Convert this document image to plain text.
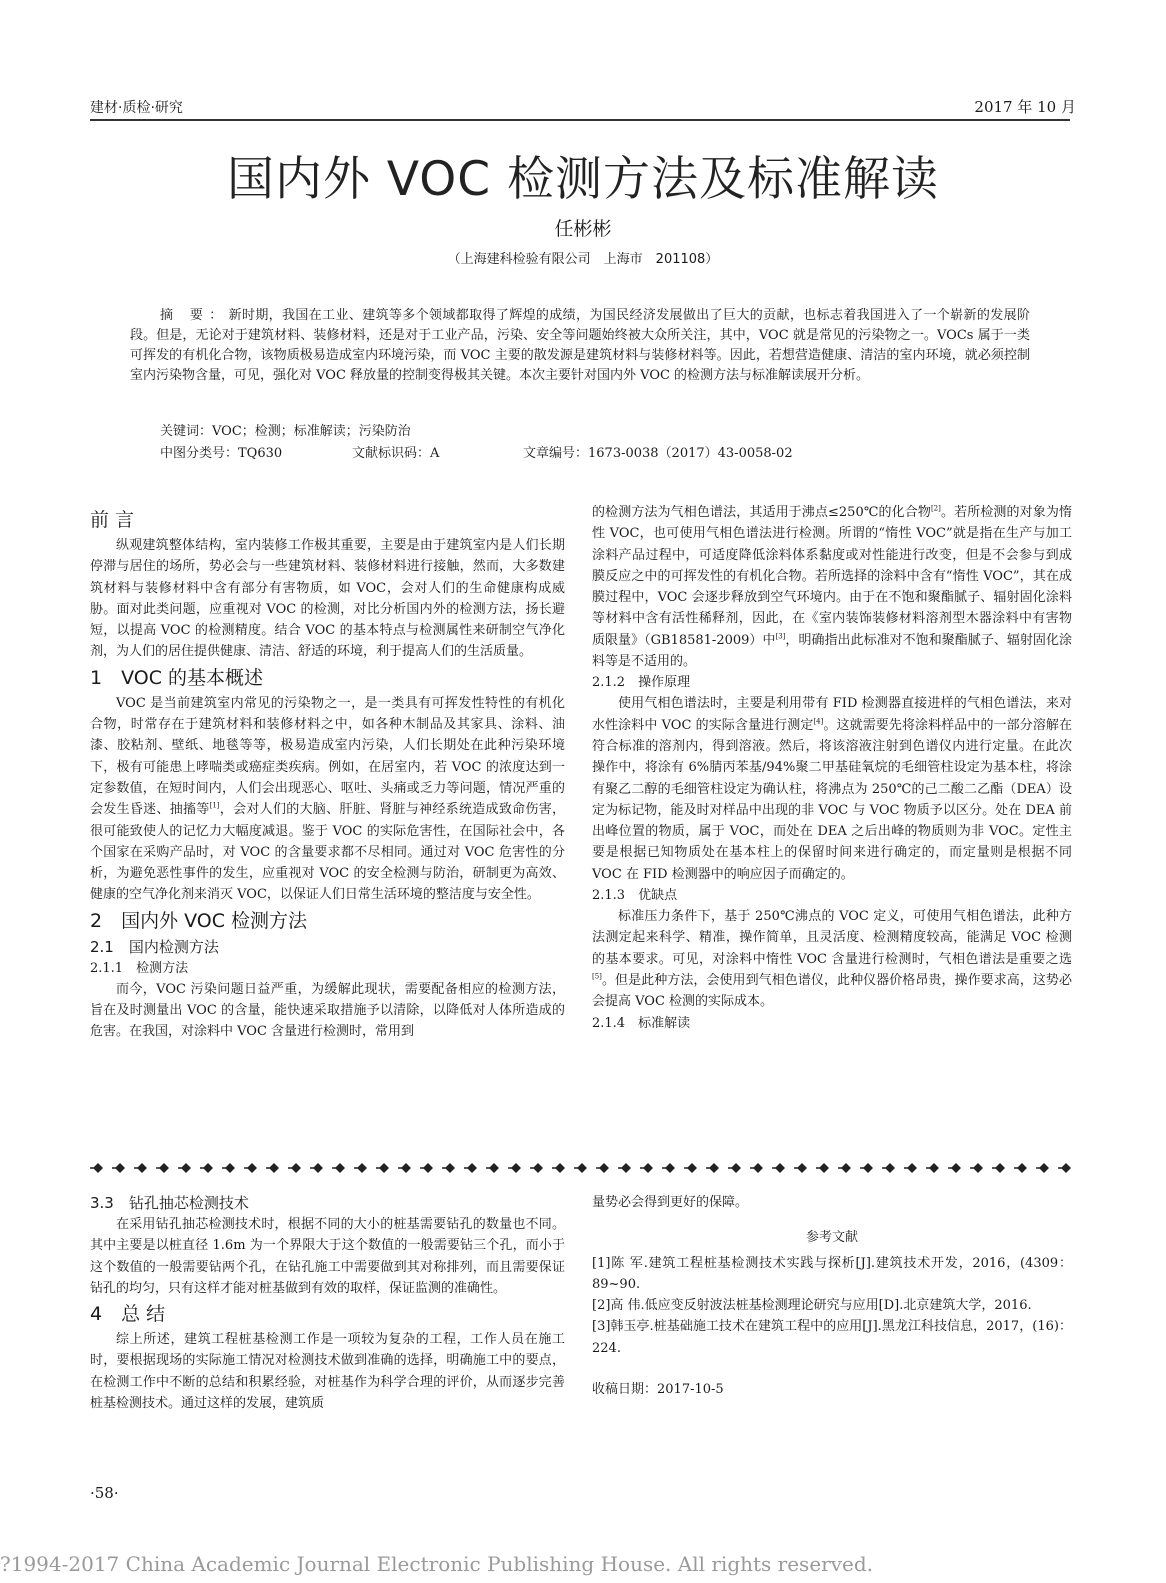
建材·质检·研究	2017 年 10 月
国内外 VOC 检测方法及标准解读
任彬彬
（上海建科检验有限公司　上海市　201108）
摘 要：新时期，我国在工业、建筑等多个领域都取得了辉煌的成绩，为国民经济发展做出了巨大的贡献，也标志着我国进入了一个崭新的发展阶段。但是，无论对于建筑材料、装修材料，还是对于工业产品，污染、安全等问题始终被大众所关注，其中，VOC 就是常见的污染物之一。VOCs 属于一类可挥发的有机化合物，该物质极易造成室内环境污染，而 VOC 主要的散发源是建筑材料与装修材料等。因此，若想营造健康、清洁的室内环境，就必须控制室内污染物含量，可见，强化对 VOC 释放量的控制变得极其关键。本次主要针对国内外 VOC 的检测方法与标准解读展开分析。
关键词：VOC；检测；标准解读；污染防治
中图分类号：TQ630	文献标识码：A	文章编号：1673-0038（2017）43-0058-02
前 言

纵观建筑整体结构，室内装修工作极其重要，主要是由于建筑室内是人们长期停滞与居住的场所，势必会与一些建筑材料、装修材料进行接触，然而，大多数建筑材料与装修材料中含有部分有害物质，如 VOC，会对人们的生命健康构成威胁。面对此类问题，应重视对 VOC 的检测，对比分析国内外的检测方法，扬长避短，以提高 VOC 的检测精度。结合 VOC 的基本特点与检测属性来研制空气净化剂，为人们的居住提供健康、清洁、舒适的环境，利于提高人们的生活质量。

1　VOC 的基本概述

VOC 是当前建筑室内常见的污染物之一，是一类具有可挥发性特性的有机化合物，时常存在于建筑材料和装修材料之中，如各种木制品及其家具、涂料、油漆、胶粘剂、壁纸、地毯等等，极易造成室内污染，人们长期处在此种污染环境下，极有可能患上哮喘类或癌症类疾病。例如，在居室内，若 VOC 的浓度达到一定参数值，在短时间内，人们会出现恶心、呕吐、头痛或乏力等问题，情况严重的会发生昏迷、抽搐等[1]，会对人们的大脑、肝脏、肾脏与神经系统造成致命伤害，很可能致使人的记忆力大幅度减退。鉴于 VOC 的实际危害性，在国际社会中，各个国家在采购产品时，对 VOC 的含量要求都不尽相同。通过对 VOC 危害性的分析，为避免恶性事件的发生，应重视对 VOC 的安全检测与防治，研制更为高效、健康的空气净化剂来消灭 VOC，以保证人们日常生活环境的整洁度与安全性。

2　国内外 VOC 检测方法
2.1　国内检测方法
2.1.1　检测方法

而今，VOC 污染问题日益严重，为缓解此现状，需要配备相应的检测方法，旨在及时测量出 VOC 的含量，能快速采取措施予以清除，以降低对人体所造成的危害。在我国，对涂料中 VOC 含量进行检测时，常用到

的检测方法为气相色谱法，其适用于沸点≤250℃的化合物[2]。若所检测的对象为惰性 VOC，也可使用气相色谱法进行检测。所谓的“惰性 VOC”就是指在生产与加工涂料产品过程中，可适度降低涂料体系黏度或对性能进行改变，但是不会参与到成膜反应之中的可挥发性的有机化合物。若所选择的涂料中含有“惰性 VOC”，其在成膜过程中，VOC 会逐步释放到空气环境内。由于在不饱和聚酯腻子、辐射固化涂料等材料中含有活性稀释剂，因此，在《室内装饰装修材料溶剂型木器涂料中有害物质限量》（GB18581-2009）中[3]，明确指出此标准对不饱和聚酯腻子、辐射固化涂料等是不适用的。

2.1.2　操作原理

使用气相色谱法时，主要是利用带有 FID 检测器直接进样的气相色谱法，来对水性涂料中 VOC 的实际含量进行测定[4]。这就需要先将涂料样品中的一部分溶解在符合标准的溶剂内，得到溶液。然后，将该溶液注射到色谱仪内进行定量。在此次操作中，将涂有 6%腈丙苯基/94%聚二甲基硅氧烷的毛细管柱设定为基本柱，将涂有聚乙二醇的毛细管柱设定为确认柱，将沸点为 250℃的己二酸二乙酯（DEA）设定为标记物，能及时对样品中出现的非 VOC 与 VOC 物质予以区分。处在 DEA 前出峰位置的物质，属于 VOC，而处在 DEA 之后出峰的物质则为非 VOC。定性主要是根据已知物质处在基本柱上的保留时间来进行确定的，而定量则是根据不同 VOC 在 FID 检测器中的响应因子而确定的。

2.1.3　优缺点

标准压力条件下，基于 250℃沸点的 VOC 定义，可使用气相色谱法，此种方法测定起来科学、精准，操作简单，且灵活度、检测精度较高，能满足 VOC 检测的基本要求。可见，对涂料中惰性 VOC 含量进行检测时，气相色谱法是重要之选[5]。但是此种方法，会使用到气相色谱仪，此种仪器价格昂贵，操作要求高，这势必会提高 VOC 检测的实际成本。

2.1.4　标准解读
3.3　钻孔抽芯检测技术

在采用钻孔抽芯检测技术时，根据不同的大小的桩基需要钻孔的数量也不同。其中主要是以桩直径 1.6m 为一个界限大于这个数值的一般需要钻三个孔，而小于这个数值的一般需要钻两个孔，在钻孔施工中需要做到其对称排列，而且需要保证钻孔的均匀，只有这样才能对桩基做到有效的取样，保证监测的准确性。

4　总 结

综上所述，建筑工程桩基检测工作是一项较为复杂的工程，工作人员在施工时，要根据现场的实际施工情况对检测技术做到准确的选择，明确施工中的要点，在检测工作中不断的总结和积累经验，对桩基作为科学合理的评价，从而逐步完善桩基检测技术。通过这样的发展，建筑质

量势必会得到更好的保障。

参考文献

[1]陈 军.建筑工程桩基检测技术实践与探析[J].建筑技术开发，2016，(4309：89~90.

[2]高 伟.低应变反射波法桩基检测理论研究与应用[D].北京建筑大学，2016.

[3]韩玉亭.桩基础施工技术在建筑工程中的应用[J].黑龙江科技信息，2017，(16)：224.

收稿日期：2017-10-5

·58·
?1994-2017 China Academic Journal Electronic Publishing House. All rights reserved.
